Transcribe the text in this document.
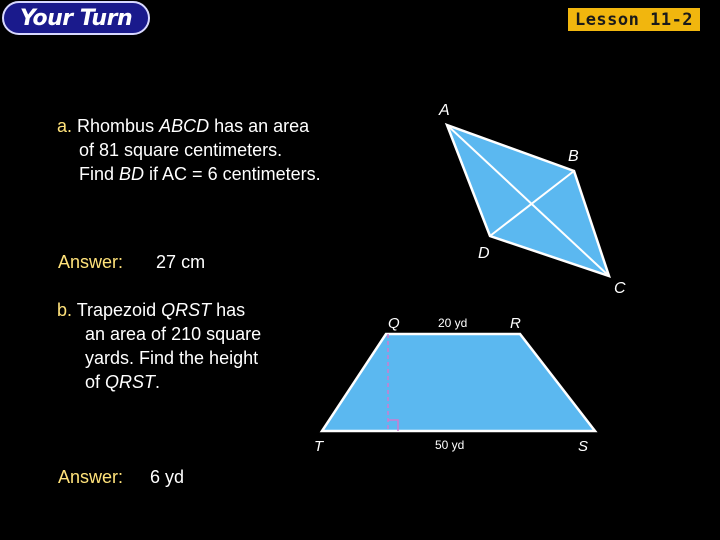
Your Turn	Lesson 11-2
a. Rhombus ABCD has an area
of 81 square centimeters.
Find BD if AC = 6 centimeters.
Answer: 27 cm
b. Trapezoid QRST has
an area of 210 square
yards. Find the height
of QRST.
Answer: 6 yd
A
B
C
D
Q	R
S
T
20 yd
50 yd
